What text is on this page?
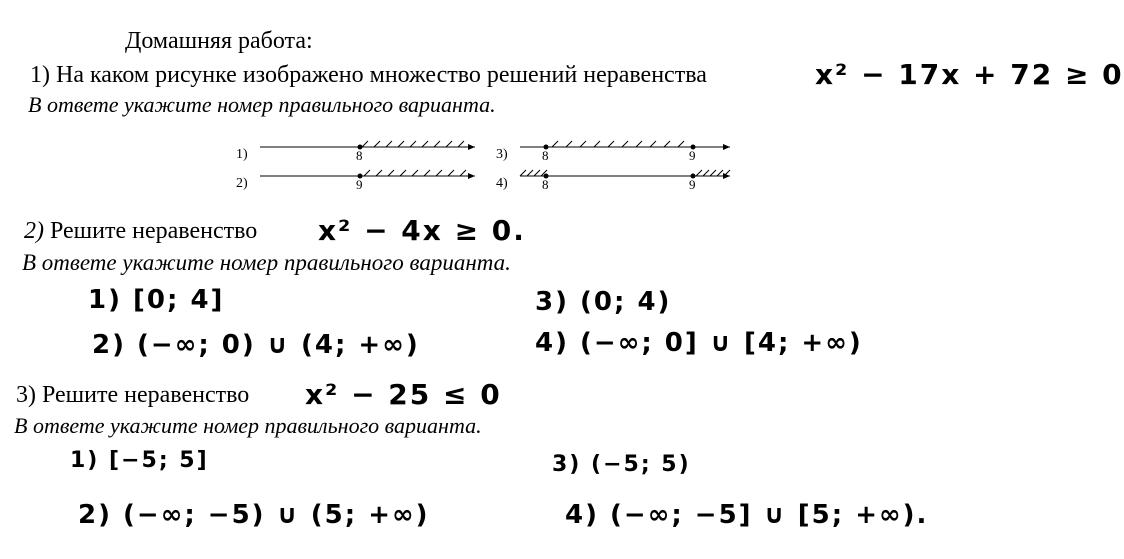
Домашняя работа:
1) На каком рисунке изображено множество решений неравенства	x² − 17x + 72 ≥ 0
В ответе укажите номер правильного варианта.
1)	8
2)	9
3)	8	9
4)	8	9
2) Решите неравенство x² − 4x ≥ 0.
В ответе укажите номер правильного варианта.
1) [0; 4]
2) (−∞; 0) ∪ (4; +∞)
3) (0; 4)
4) (−∞; 0] ∪ [4; +∞)
3) Решите неравенство x² − 25 ≤ 0
В ответе укажите номер правильного варианта.
1) [−5; 5]
2) (−∞; −5) ∪ (5; +∞)
3) (−5; 5)
4) (−∞; −5] ∪ [5; +∞).
